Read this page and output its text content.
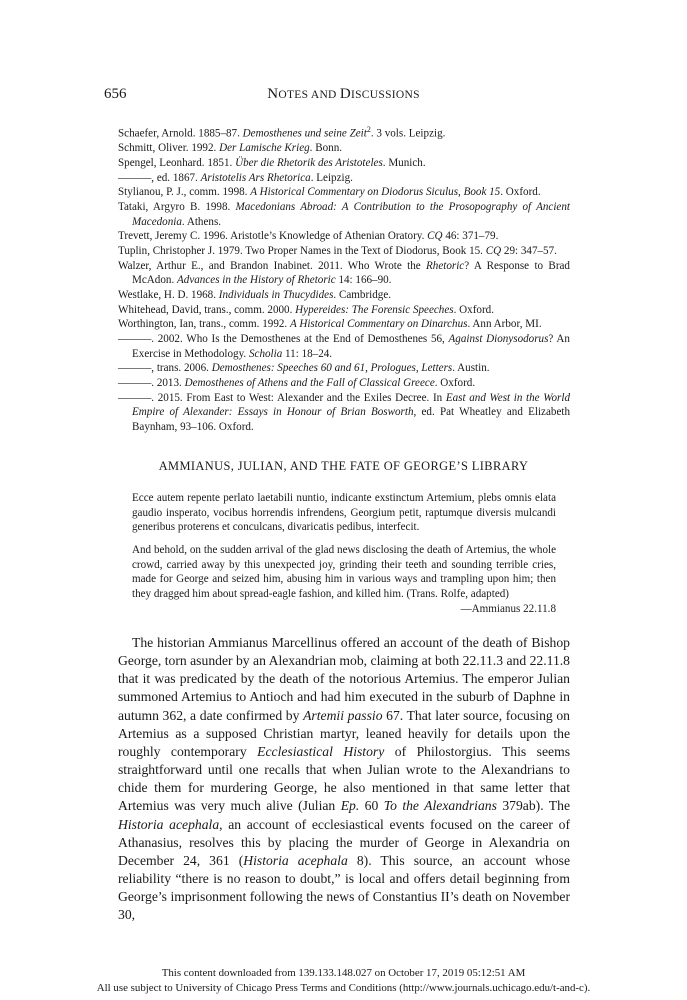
656	NOTES AND DISCUSSIONS
Schaefer, Arnold. 1885–87. Demosthenes und seine Zeit$^2$. 3 vols. Leipzig.
Schmitt, Oliver. 1992. Der Lamische Krieg. Bonn.
Spengel, Leonhard. 1851. Über die Rhetorik des Aristoteles. Munich.
———, ed. 1867. Aristotelis Ars Rhetorica. Leipzig.
Stylianou, P. J., comm. 1998. A Historical Commentary on Diodorus Siculus, Book 15. Oxford.
Tataki, Argyro B. 1998. Macedonians Abroad: A Contribution to the Prosopography of Ancient Macedonia. Athens.
Trevett, Jeremy C. 1996. Aristotle’s Knowledge of Athenian Oratory. CQ 46: 371–79.
Tuplin, Christopher J. 1979. Two Proper Names in the Text of Diodorus, Book 15. CQ 29: 347–57.
Walzer, Arthur E., and Brandon Inabinet. 2011. Who Wrote the Rhetoric? A Response to Brad McAdon. Advances in the History of Rhetoric 14: 166–90.
Westlake, H. D. 1968. Individuals in Thucydides. Cambridge.
Whitehead, David, trans., comm. 2000. Hypereides: The Forensic Speeches. Oxford.
Worthington, Ian, trans., comm. 1992. A Historical Commentary on Dinarchus. Ann Arbor, MI.
———. 2002. Who Is the Demosthenes at the End of Demosthenes 56, Against Dionysodorus? An Exercise in Methodology. Scholia 11: 18–24.
———, trans. 2006. Demosthenes: Speeches 60 and 61, Prologues, Letters. Austin.
———. 2013. Demosthenes of Athens and the Fall of Classical Greece. Oxford.
———. 2015. From East to West: Alexander and the Exiles Decree. In East and West in the World Empire of Alexander: Essays in Honour of Brian Bosworth, ed. Pat Wheatley and Elizabeth Baynham, 93–106. Oxford.
AMMIANUS, JULIAN, AND THE FATE OF GEORGE’S LIBRARY
Ecce autem repente perlato laetabili nuntio, indicante exstinctum Artemium, plebs omnis elata gaudio insperato, vocibus horrendis infrendens, Georgium petit, raptumque diversis mulcandi generibus proterens et conculcans, divaricatis pedibus, interfecit.
And behold, on the sudden arrival of the glad news disclosing the death of Artemius, the whole crowd, carried away by this unexpected joy, grinding their teeth and sounding terrible cries, made for George and seized him, abusing him in various ways and trampling upon him; then they dragged him about spread-eagle fashion, and killed him. (Trans. Rolfe, adapted)
—Ammianus 22.11.8

The historian Ammianus Marcellinus offered an account of the death of Bishop George, torn asunder by an Alexandrian mob, claiming at both 22.11.3 and 22.11.8 that it was predicated by the death of the notorious Artemius. The emperor Julian summoned Artemius to Antioch and had him executed in the suburb of Daphne in autumn 362, a date confirmed by Artemii passio 67. That later source, focusing on Artemius as a supposed Christian martyr, leaned heavily for details upon the roughly contemporary Ecclesiastical History of Philostorgius. This seems straightforward until one recalls that when Julian wrote to the Alexandrians to chide them for murdering George, he also mentioned in that same letter that Artemius was very much alive (Julian Ep. 60 To the Alexandrians 379ab). The Historia acephala, an account of ecclesiastical events focused on the career of Athanasius, resolves this by placing the murder of George in Alexandria on December 24, 361 (Historia acephala 8). This source, an account whose reliability “there is no reason to doubt,” is local and offers detail beginning from George’s imprisonment following the news of Constantius II’s death on November 30,

This content downloaded from 139.133.148.027 on October 17, 2019 05:12:51 AM
All use subject to University of Chicago Press Terms and Conditions (http://www.journals.uchicago.edu/t-and-c).
